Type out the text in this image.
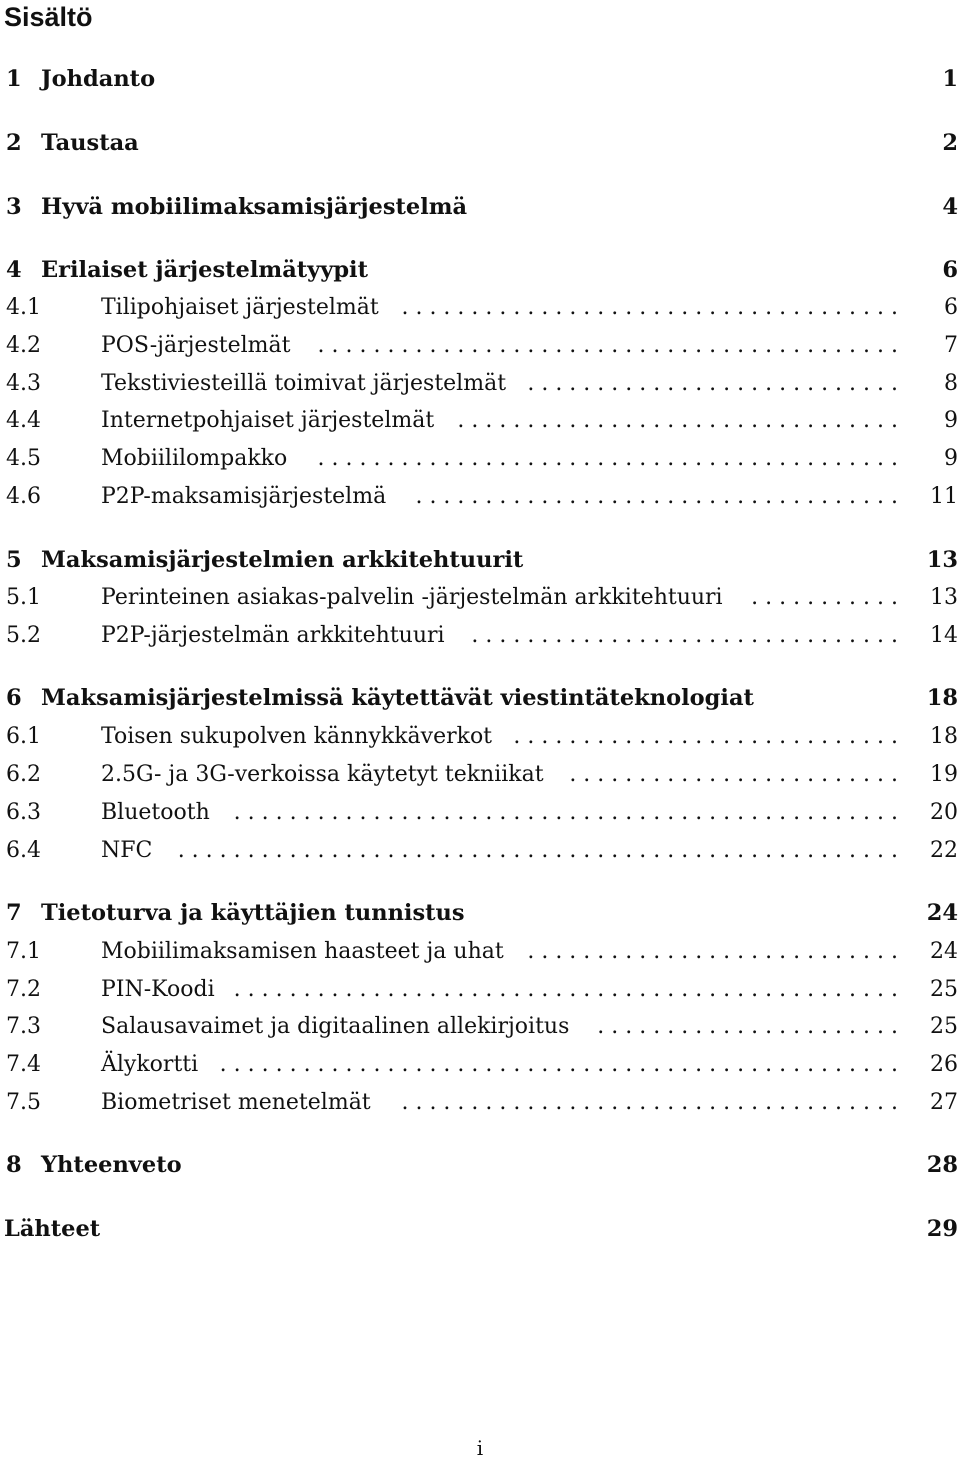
Sisältö
1 Johdanto	1
2 Taustaa	2
3 Hyvä mobiilimaksamisjärjestelmä	4
4 Erilaiset järjestelmätyypit	6
4.1	Tilipohjaiset järjestelmät . . . . . . . . . . . . . . . . . . . . . . . . . . . . . . . . . . . . 6
4.2	POS-järjestelmät . . . . . . . . . . . . . . . . . . . . . . . . . . . . . . . . . . . . . . . . . . 7
4.3	Tekstiviesteillä toimivat järjestelmät . . . . . . . . . . . . . . . . . . . . . . . . . . . 8
4.4	Internetpohjaiset järjestelmät . . . . . . . . . . . . . . . . . . . . . . . . . . . . . . . . 9
4.5	Mobiililompakko . . . . . . . . . . . . . . . . . . . . . . . . . . . . . . . . . . . . . . . . . . 9
4.6	P2P-maksamisjärjestelmä . . . . . . . . . . . . . . . . . . . . . . . . . . . . . . . . . . . 11
5 Maksamisjärjestelmien arkkitehtuurit	13
5.1	Perinteinen asiakas-palvelin -järjestelmän arkkitehtuuri . . . . . . . . . . . 13
5.2	P2P-järjestelmän arkkitehtuuri . . . . . . . . . . . . . . . . . . . . . . . . . . . . . . . 14
6 Maksamisjärjestelmissä käytettävät viestintäteknologiat	18
6.1	Toisen sukupolven kännykkäverkot . . . . . . . . . . . . . . . . . . . . . . . . . . . . 18
6.2	2.5G- ja 3G-verkoissa käytetyt tekniikat . . . . . . . . . . . . . . . . . . . . . . . . 19
6.3	Bluetooth . . . . . . . . . . . . . . . . . . . . . . . . . . . . . . . . . . . . . . . . . . . . . . . . 20
6.4	NFC . . . . . . . . . . . . . . . . . . . . . . . . . . . . . . . . . . . . . . . . . . . . . . . . . . . . 22
7 Tietoturva ja käyttäjien tunnistus	24
7.1	Mobiilimaksamisen haasteet ja uhat . . . . . . . . . . . . . . . . . . . . . . . . . . . 24
7.2	PIN-Koodi . . . . . . . . . . . . . . . . . . . . . . . . . . . . . . . . . . . . . . . . . . . . . . . . 25
7.3	Salausavaimet ja digitaalinen allekirjoitus . . . . . . . . . . . . . . . . . . . . . . 25
7.4	Älykortti . . . . . . . . . . . . . . . . . . . . . . . . . . . . . . . . . . . . . . . . . . . . . . . . . 26
7.5	Biometriset menetelmät . . . . . . . . . . . . . . . . . . . . . . . . . . . . . . . . . . . . 27
8 Yhteenveto	28
Lähteet	29
i
